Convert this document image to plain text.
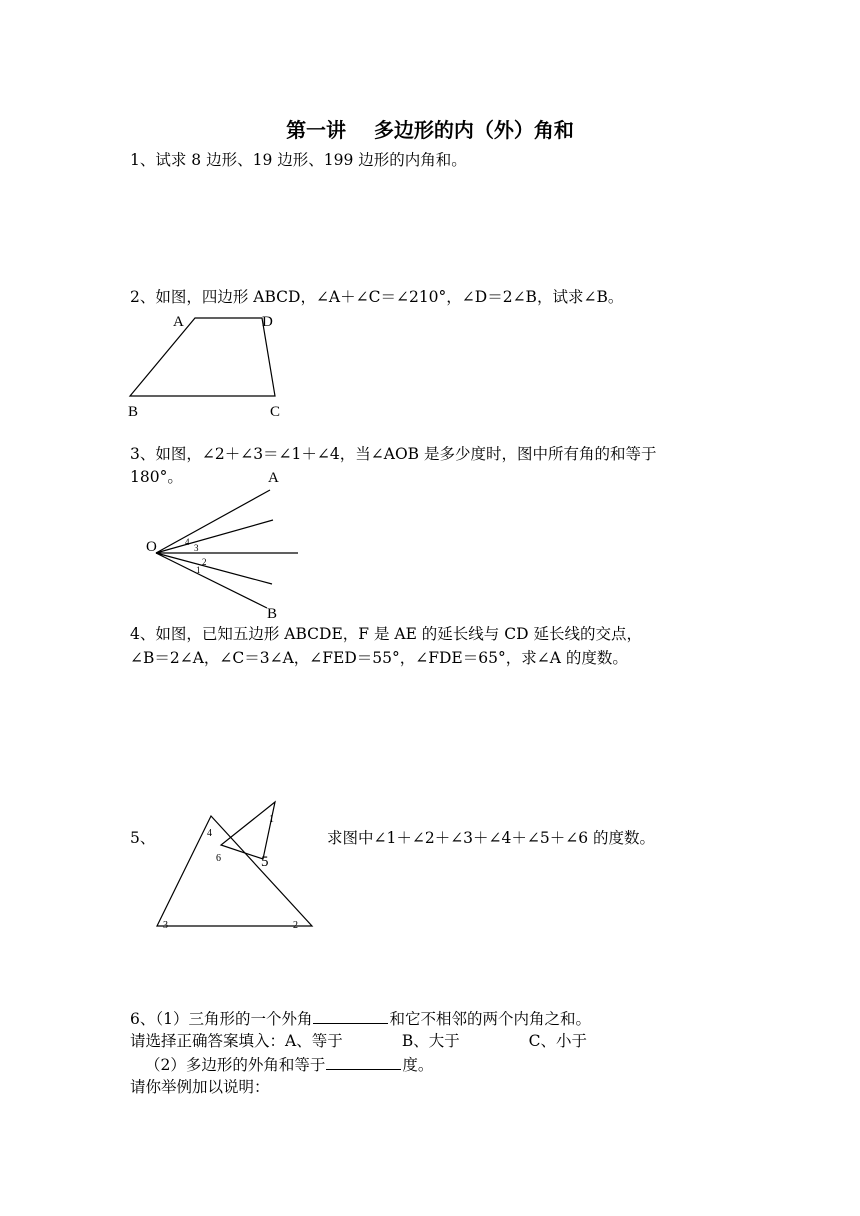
第一讲    多边形的内（外）角和
1、试求 8 边形、19 边形、199 边形的内角和。
2、如图，四边形 ABCD，∠A＋∠C＝∠210°，∠D＝2∠B，试求∠B。
A	D
B	C
3、如图，∠2＋∠3＝∠1＋∠4，当∠AOB 是多少度时，图中所有角的和等于
180°。	A
O
B
4
3
2
1
4、如图，已知五边形 ABCDE，F 是 AE 的延长线与 CD 延长线的交点，
∠B＝2∠A，∠C＝3∠A，∠FED＝55°，∠FDE＝65°，求∠A 的度数。
5、	求图中∠1＋∠2＋∠3＋∠4＋∠5＋∠6 的度数。
1
2
3
4
5
6
6、（1）三角形的一个外角	和它不相邻的两个内角之和。
请选择正确答案填入：A、等于            B、大于              C、小于
（2）多边形的外角和等于	度。
请你举例加以说明：
